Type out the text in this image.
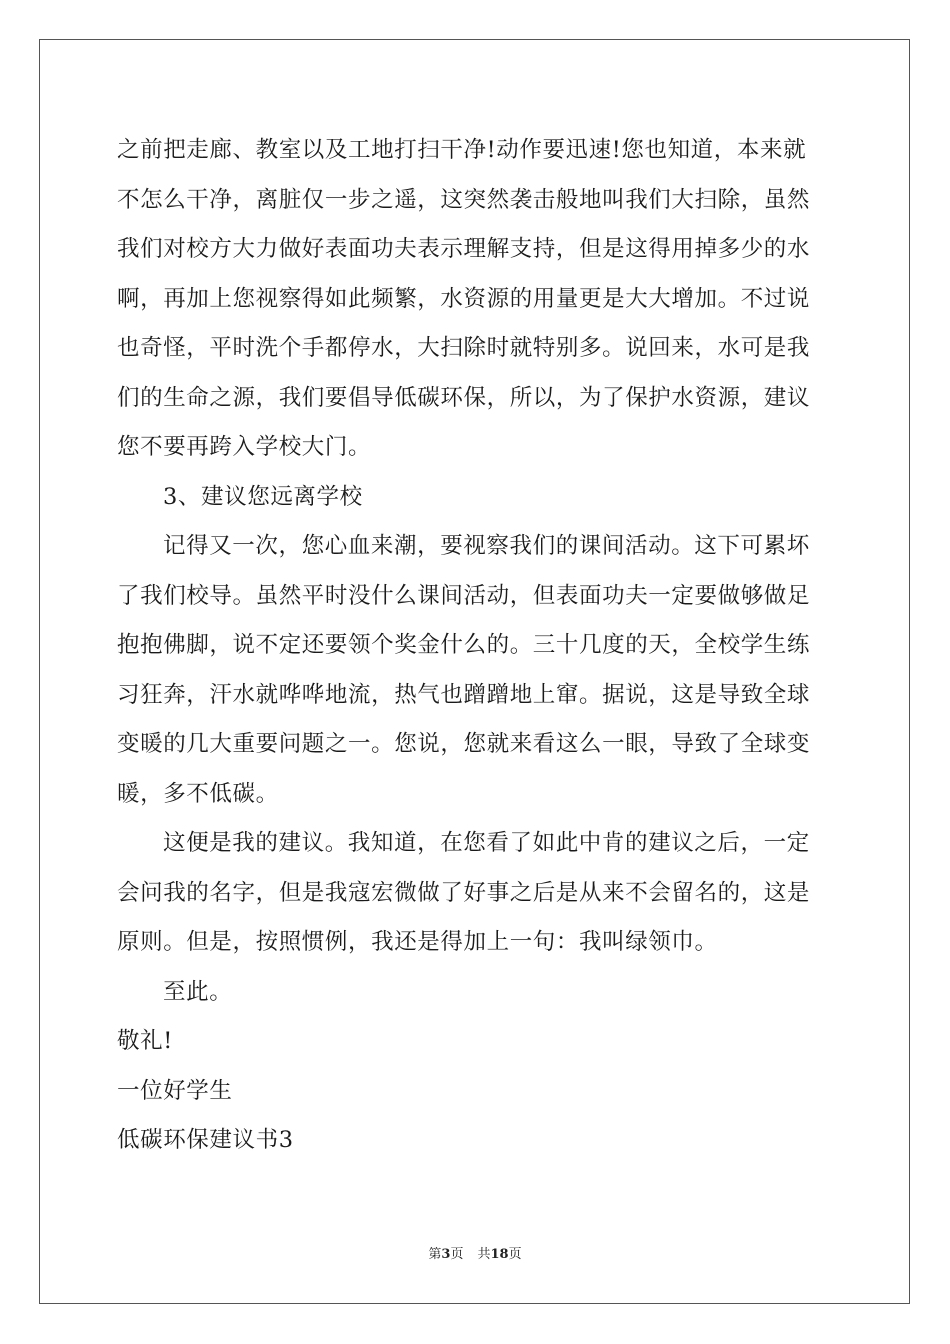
之前把走廊、教室以及工地打扫干净!动作要迅速!您也知道，本来就
不怎么干净，离脏仅一步之遥，这突然袭击般地叫我们大扫除，虽然
我们对校方大力做好表面功夫表示理解支持，但是这得用掉多少的水
啊，再加上您视察得如此频繁，水资源的用量更是大大增加。不过说
也奇怪，平时洗个手都停水，大扫除时就特别多。说回来，水可是我
们的生命之源，我们要倡导低碳环保，所以，为了保护水资源，建议
您不要再跨入学校大门。

3、建议您远离学校

记得又一次，您心血来潮，要视察我们的课间活动。这下可累坏
了我们校导。虽然平时没什么课间活动，但表面功夫一定要做够做足
抱抱佛脚，说不定还要领个奖金什么的。三十几度的天，全校学生练
习狂奔，汗水就哗哗地流，热气也蹭蹭地上窜。据说，这是导致全球
变暖的几大重要问题之一。您说，您就来看这么一眼，导致了全球变
暖，多不低碳。

这便是我的建议。我知道，在您看了如此中肯的建议之后，一定
会问我的名字，但是我寇宏微做了好事之后是从来不会留名的，这是
原则。但是，按照惯例，我还是得加上一句：我叫绿领巾。

至此。

敬礼!

一位好学生

低碳环保建议书3

第3页 共18页
